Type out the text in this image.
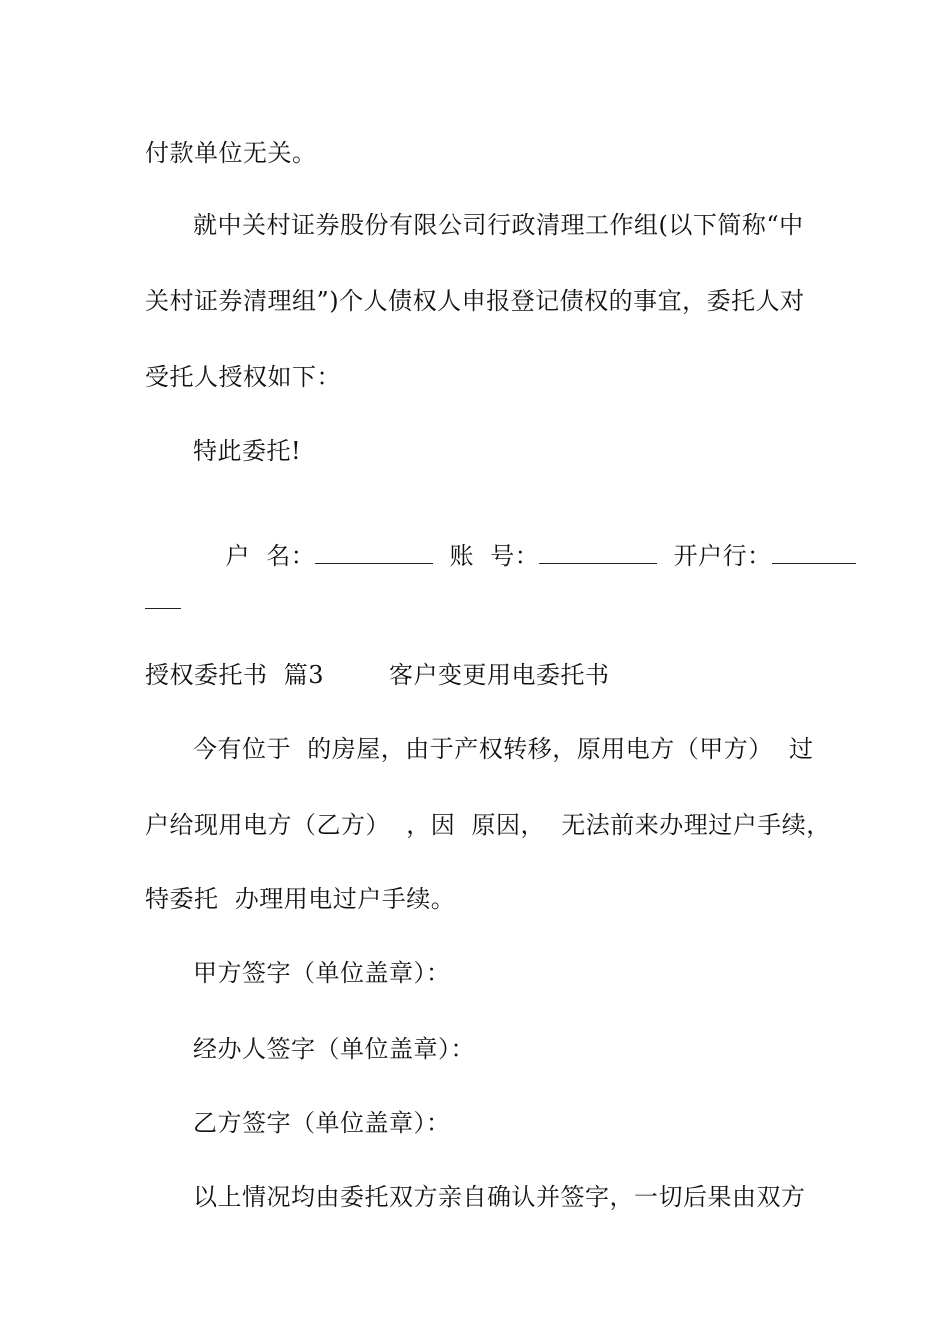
付款单位无关。
就中关村证券股份有限公司行政清理工作组(以下简称“中
关村证券清理组”)个人债权人申报登记债权的事宜，委托人对
受托人授权如下：
特此委托!

户  名：	账  号：	开户行：

授权委托书  篇3        客户变更用电委托书
今有位于  的房屋，由于产权转移，原用电方（甲方）  过
户给现用电方（乙方）  ，因  原因，  无法前来办理过户手续，
特委托  办理用电过户手续。
甲方签字（单位盖章）：
经办人签字（单位盖章）：
乙方签字（单位盖章）：
以上情况均由委托双方亲自确认并签字，一切后果由双方
